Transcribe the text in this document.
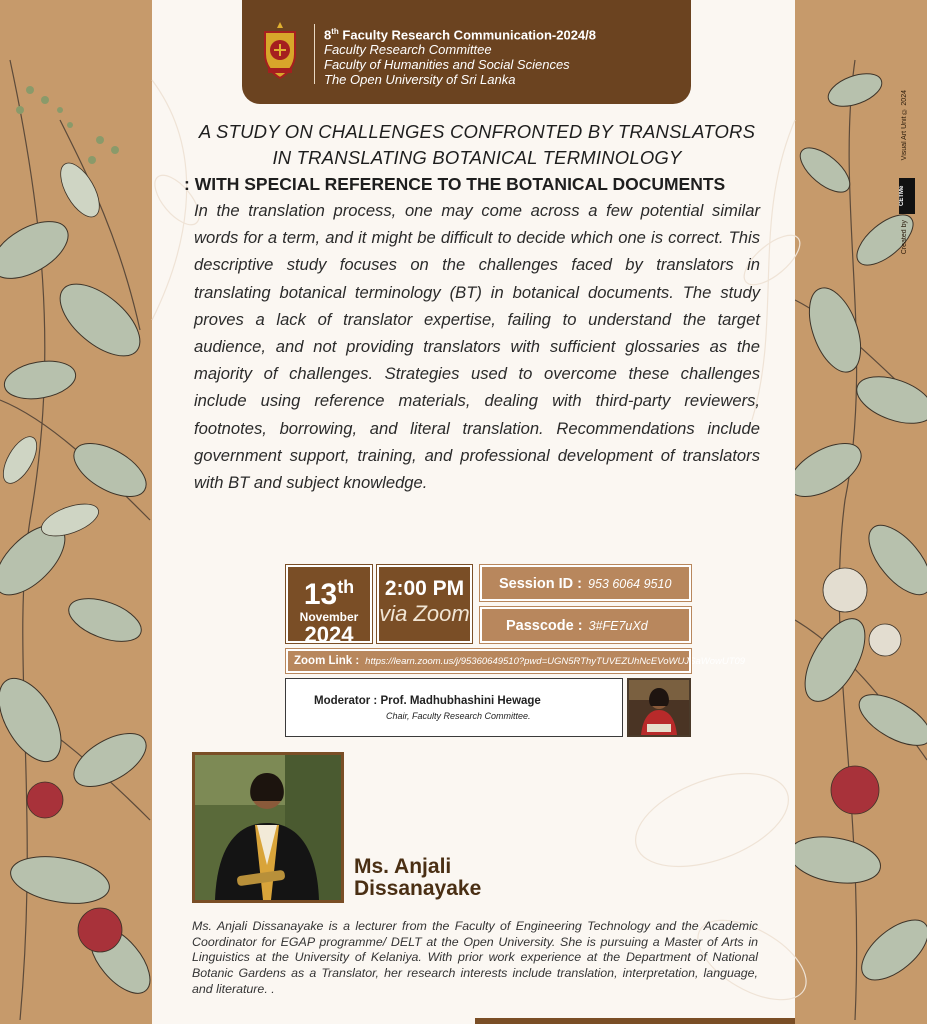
Created by
CETMe
Visual Art Unit © 2024
8th Faculty Research Communication-2024/8
Faculty Research Committee
Faculty of Humanities and Social Sciences
The Open University of Sri Lanka
A STUDY ON CHALLENGES CONFRONTED BY TRANSLATORS
IN TRANSLATING BOTANICAL TERMINOLOGY
: WITH SPECIAL REFERENCE TO THE BOTANICAL DOCUMENTS
In the translation process, one may come across a few potential similar words for a term, and it might be difficult to decide which one is correct. This descriptive study focuses on the challenges faced by translators in translating botanical terminology (BT) in botanical documents. The study proves a lack of translator expertise, failing to understand the target audience, and not providing translators with sufficient glossaries as the majority of challenges. Strategies used to overcome these challenges include using reference materials, dealing with third-party reviewers, footnotes, borrowing, and literal translation. Recommendations include government support, training, and professional development of translators with BT and subject knowledge.
13th
November
2024
2:00 PM
via Zoom
Session ID : 953 6064 9510
Passcode : 3#FE7uXd
Zoom Link : https://learn.zoom.us/j/95360649510?pwd=UGN5RThyTUVEZUhNcEVoWUJSaWowUT09
Moderator : Prof. Madhubhashini Hewage
Chair, Faculty Research Committee.
Ms. Anjali
Dissanayake
Ms. Anjali Dissanayake is a lecturer from the Faculty of Engineering Technology and the Academic Coordinator for EGAP programme/ DELT at the Open University. She is pursuing a Master of Arts in Linguistics at the University of Kelaniya. With prior work experience at the Department of National Botanic Gardens as a Translator, her research interests include translation, interpretation, language, and literature. .
